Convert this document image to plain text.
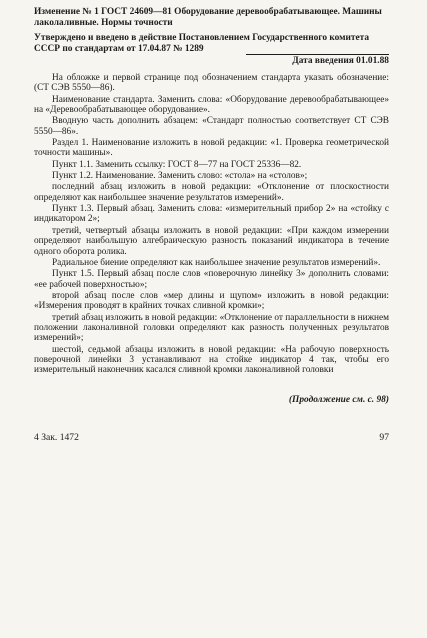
Изменение № 1 ГОСТ 24609—81 Оборудование деревообрабатывающее. Машины лаколаливные. Нормы точности
Утверждено и введено в действие Постановлением Государственного комитета СССР по стандартам от 17.04.87 № 1289
Дата введения 01.01.88

На обложке и первой странице под обозначением стандарта указать обозначение: (СТ СЭВ 5550—86).

Наименование стандарта. Заменить слова: «Оборудование деревообрабатывающее» на «Деревообрабатывающее оборудование».

Вводную часть дополнить абзацем: «Стандарт полностью соответствует СТ СЭВ 5550—86».

Раздел 1. Наименование изложить в новой редакции: «1. Проверка геометрической точности машины».

Пункт 1.1. Заменить ссылку: ГОСТ 8—77 на ГОСТ 25336—82.

Пункт 1.2. Наименование. Заменить слово: «стола» на «столов»;

последний абзац изложить в новой редакции: «Отклонение от плоскостности определяют как наибольшее значение результатов измерений».

Пункт 1.3. Первый абзац. Заменить слова: «измерительный прибор 2» на «стойку с индикатором 2»;

третий, четвертый абзацы изложить в новой редакции: «При каждом измерении определяют наибольшую алгебраическую разность показаний индикатора в течение одного оборота ролика.

Радиальное биение определяют как наибольшее значение результатов измерений».

Пункт 1.5. Первый абзац после слов «поверочную линейку 3» дополнить словами: «ее рабочей поверхностью»;

второй абзац после слов «мер длины и щупом» изложить в новой редакции: «Измерения проводят в крайних точках сливной кромки»;

третий абзац изложить в новой редакции: «Отклонение от параллельности в нижнем положении лаконаливной головки определяют как разность полученных результатов измерений»;

шестой, седьмой абзацы изложить в новой редакции: «На рабочую поверхность поверочной линейки 3 устанавливают на стойке индикатор 4 так, чтобы его измерительный наконечник касался сливной кромки лаконаливной головки

(Продолжение см. с. 98)
4 Зак. 1472	97
